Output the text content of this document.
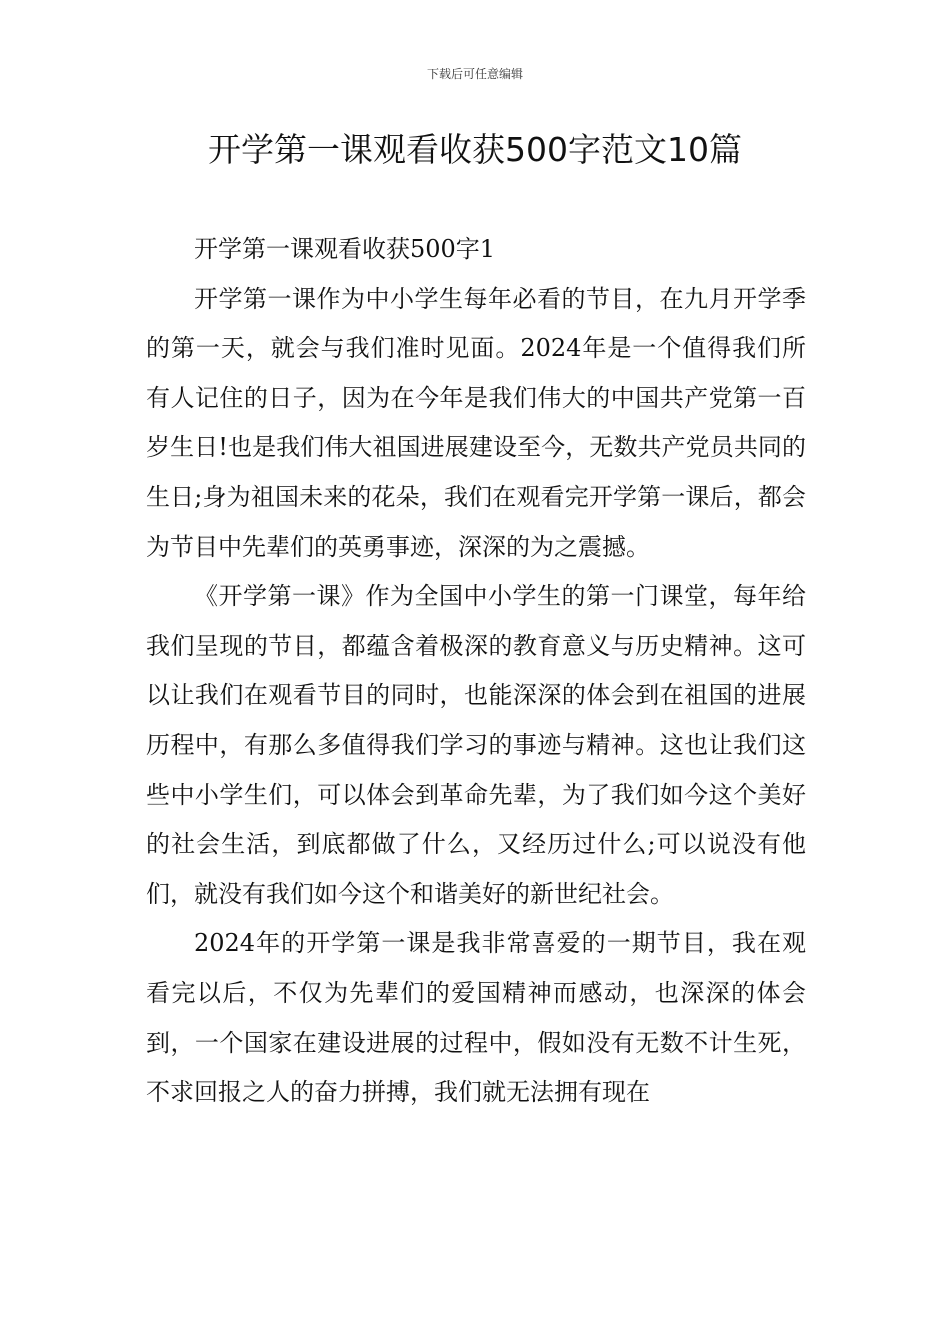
下载后可任意编辑
开学第一课观看收获500字范文10篇

开学第一课观看收获500字1

开学第一课作为中小学生每年必看的节目，在九月开学季的第一天，就会与我们准时见面。2024年是一个值得我们所有人记住的日子，因为在今年是我们伟大的中国共产党第一百岁生日!也是我们伟大祖国进展建设至今，无数共产党员共同的生日;身为祖国未来的花朵，我们在观看完开学第一课后，都会为节目中先辈们的英勇事迹，深深的为之震撼。

《开学第一课》作为全国中小学生的第一门课堂，每年给我们呈现的节目，都蕴含着极深的教育意义与历史精神。这可以让我们在观看节目的同时，也能深深的体会到在祖国的进展历程中，有那么多值得我们学习的事迹与精神。这也让我们这些中小学生们，可以体会到革命先辈，为了我们如今这个美好的社会生活，到底都做了什么，又经历过什么;可以说没有他们，就没有我们如今这个和谐美好的新世纪社会。

2024年的开学第一课是我非常喜爱的一期节目，我在观看完以后，不仅为先辈们的爱国精神而感动，也深深的体会到，一个国家在建设进展的过程中，假如没有无数不计生死，不求回报之人的奋力拼搏，我们就无法拥有现在
